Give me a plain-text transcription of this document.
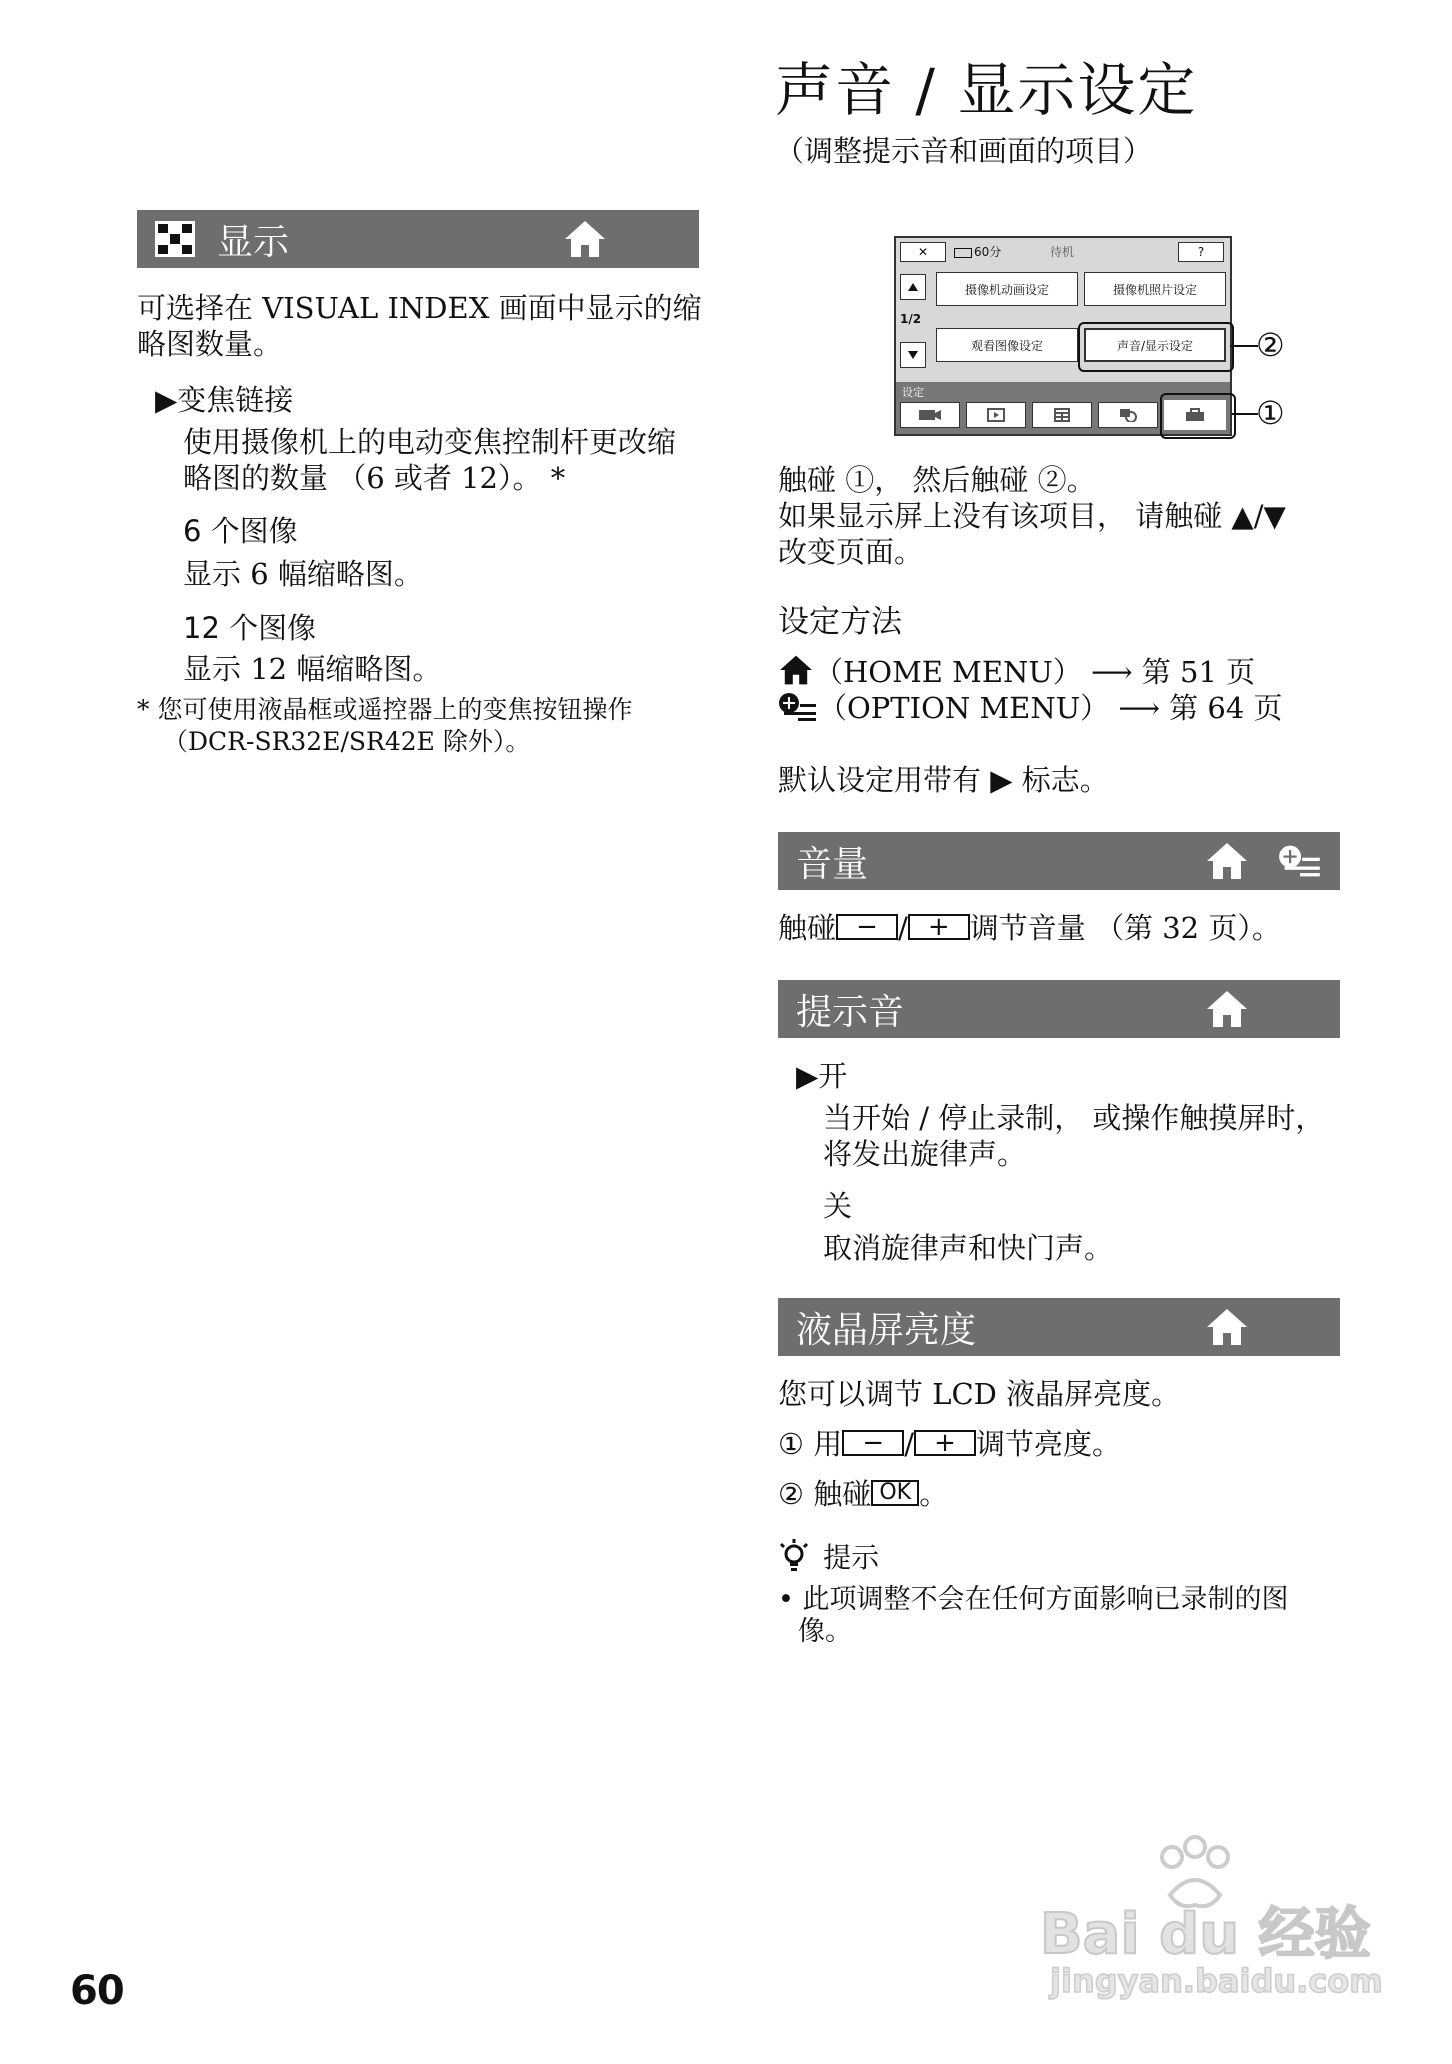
声音 / 显示设定
（调整提示音和画面的项目）
显示
可选择在 VISUAL INDEX 画面中显示的缩
略图数量。
▶变焦链接
使用摄像机上的电动变焦控制杆更改缩
略图的数量 （6 或者 12）。 *
6 个图像
显示 6 幅缩略图。
12 个图像
显示 12 幅缩略图。
* 您可使用液晶框或遥控器上的变焦按钮操作
（DCR-SR32E/SR42E 除外）。
✕	60分	待机	?
1/2
摄像机动画设定	摄像机照片设定
观看图像设定	声音/显示设定
设定
②
①
触碰 ①， 然后触碰 ②。
如果显示屏上没有该项目， 请触碰 ▲/▼
改变页面。
设定方法
（HOME MENU） ⟶ 第 51 页
（OPTION MENU） ⟶ 第 64 页
默认设定用带有 ▶ 标志。
音量
触碰 − / + 调节音量 （第 32 页）。
提示音
▶开
当开始 / 停止录制， 或操作触摸屏时，
将发出旋律声。
关
取消旋律声和快门声。
液晶屏亮度
您可以调节 LCD 液晶屏亮度。
① 用 − / + 调节亮度。
② 触碰 OK 。
提示
• 此项调整不会在任何方面影响已录制的图
像。
60
Bai du 经验
jingyan.baidu.com
